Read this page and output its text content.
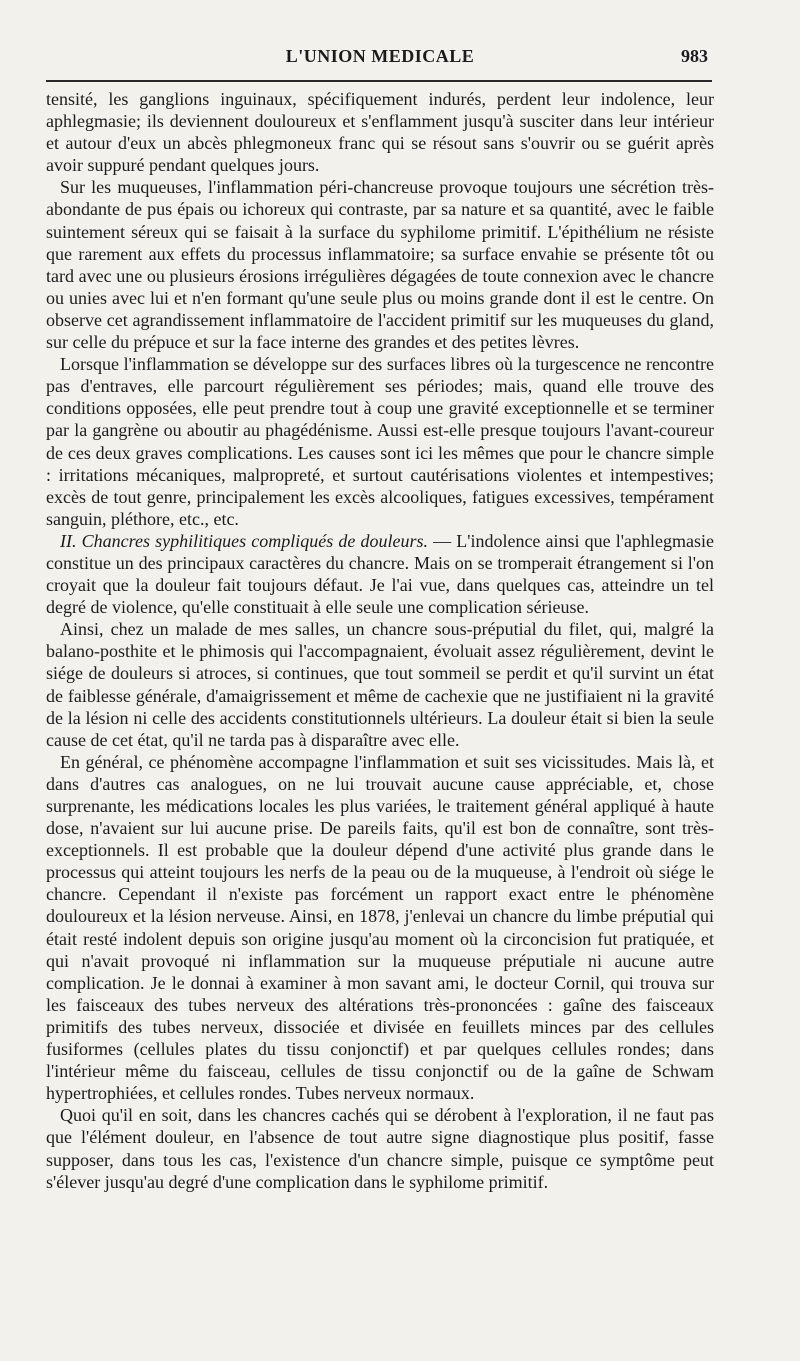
L'UNION MEDICALE	983

tensité, les ganglions inguinaux, spécifiquement indurés, perdent leur indolence, leur aphlegmasie; ils deviennent douloureux et s'enflamment jusqu'à susciter dans leur intérieur et autour d'eux un abcès phlegmoneux franc qui se résout sans s'ouvrir ou se guérit après avoir suppuré pendant quelques jours.

Sur les muqueuses, l'inflammation péri-chancreuse provoque toujours une sécrétion très-abondante de pus épais ou ichoreux qui contraste, par sa nature et sa quantité, avec le faible suintement séreux qui se faisait à la surface du syphilome primitif. L'épithélium ne résiste que rarement aux effets du processus inflammatoire; sa surface envahie se présente tôt ou tard avec une ou plusieurs érosions irrégulières dégagées de toute connexion avec le chancre ou unies avec lui et n'en formant qu'une seule plus ou moins grande dont il est le centre. On observe cet agrandissement inflammatoire de l'accident primitif sur les muqueuses du gland, sur celle du prépuce et sur la face interne des grandes et des petites lèvres.

Lorsque l'inflammation se développe sur des surfaces libres où la turgescence ne rencontre pas d'entraves, elle parcourt régulièrement ses périodes; mais, quand elle trouve des conditions opposées, elle peut prendre tout à coup une gravité exceptionnelle et se terminer par la gangrène ou aboutir au phagédénisme. Aussi est-elle presque toujours l'avant-coureur de ces deux graves complications. Les causes sont ici les mêmes que pour le chancre simple : irritations mécaniques, malpropreté, et surtout cautérisations violentes et intempestives; excès de tout genre, principalement les excès alcooliques, fatigues excessives, tempérament sanguin, pléthore, etc., etc.

II. Chancres syphilitiques compliqués de douleurs. — L'indolence ainsi que l'aphlegmasie constitue un des principaux caractères du chancre. Mais on se tromperait étrangement si l'on croyait que la douleur fait toujours défaut. Je l'ai vue, dans quelques cas, atteindre un tel degré de violence, qu'elle constituait à elle seule une complication sérieuse.

Ainsi, chez un malade de mes salles, un chancre sous-préputial du filet, qui, malgré la balano-posthite et le phimosis qui l'accompagnaient, évoluait assez régulièrement, devint le siége de douleurs si atroces, si continues, que tout sommeil se perdit et qu'il survint un état de faiblesse générale, d'amaigrissement et même de cachexie que ne justifiaient ni la gravité de la lésion ni celle des accidents constitutionnels ultérieurs. La douleur était si bien la seule cause de cet état, qu'il ne tarda pas à disparaître avec elle.

En général, ce phénomène accompagne l'inflammation et suit ses vicissitudes. Mais là, et dans d'autres cas analogues, on ne lui trouvait aucune cause appréciable, et, chose surprenante, les médications locales les plus variées, le traitement général appliqué à haute dose, n'avaient sur lui aucune prise. De pareils faits, qu'il est bon de connaître, sont très-exceptionnels. Il est probable que la douleur dépend d'une activité plus grande dans le processus qui atteint toujours les nerfs de la peau ou de la muqueuse, à l'endroit où siége le chancre. Cependant il n'existe pas forcément un rapport exact entre le phénomène douloureux et la lésion nerveuse. Ainsi, en 1878, j'enlevai un chancre du limbe préputial qui était resté indolent depuis son origine jusqu'au moment où la circoncision fut pratiquée, et qui n'avait provoqué ni inflammation sur la muqueuse préputiale ni aucune autre complication. Je le donnai à examiner à mon savant ami, le docteur Cornil, qui trouva sur les faisceaux des tubes nerveux des altérations très-prononcées : gaîne des faisceaux primitifs des tubes nerveux, dissociée et divisée en feuillets minces par des cellules fusiformes (cellules plates du tissu conjonctif) et par quelques cellules rondes; dans l'intérieur même du faisceau, cellules de tissu conjonctif ou de la gaîne de Schwam hypertrophiées, et cellules rondes. Tubes nerveux normaux.

Quoi qu'il en soit, dans les chancres cachés qui se dérobent à l'exploration, il ne faut pas que l'élément douleur, en l'absence de tout autre signe diagnostique plus positif, fasse supposer, dans tous les cas, l'existence d'un chancre simple, puisque ce symptôme peut s'élever jusqu'au degré d'une complication dans le syphilome primitif.
